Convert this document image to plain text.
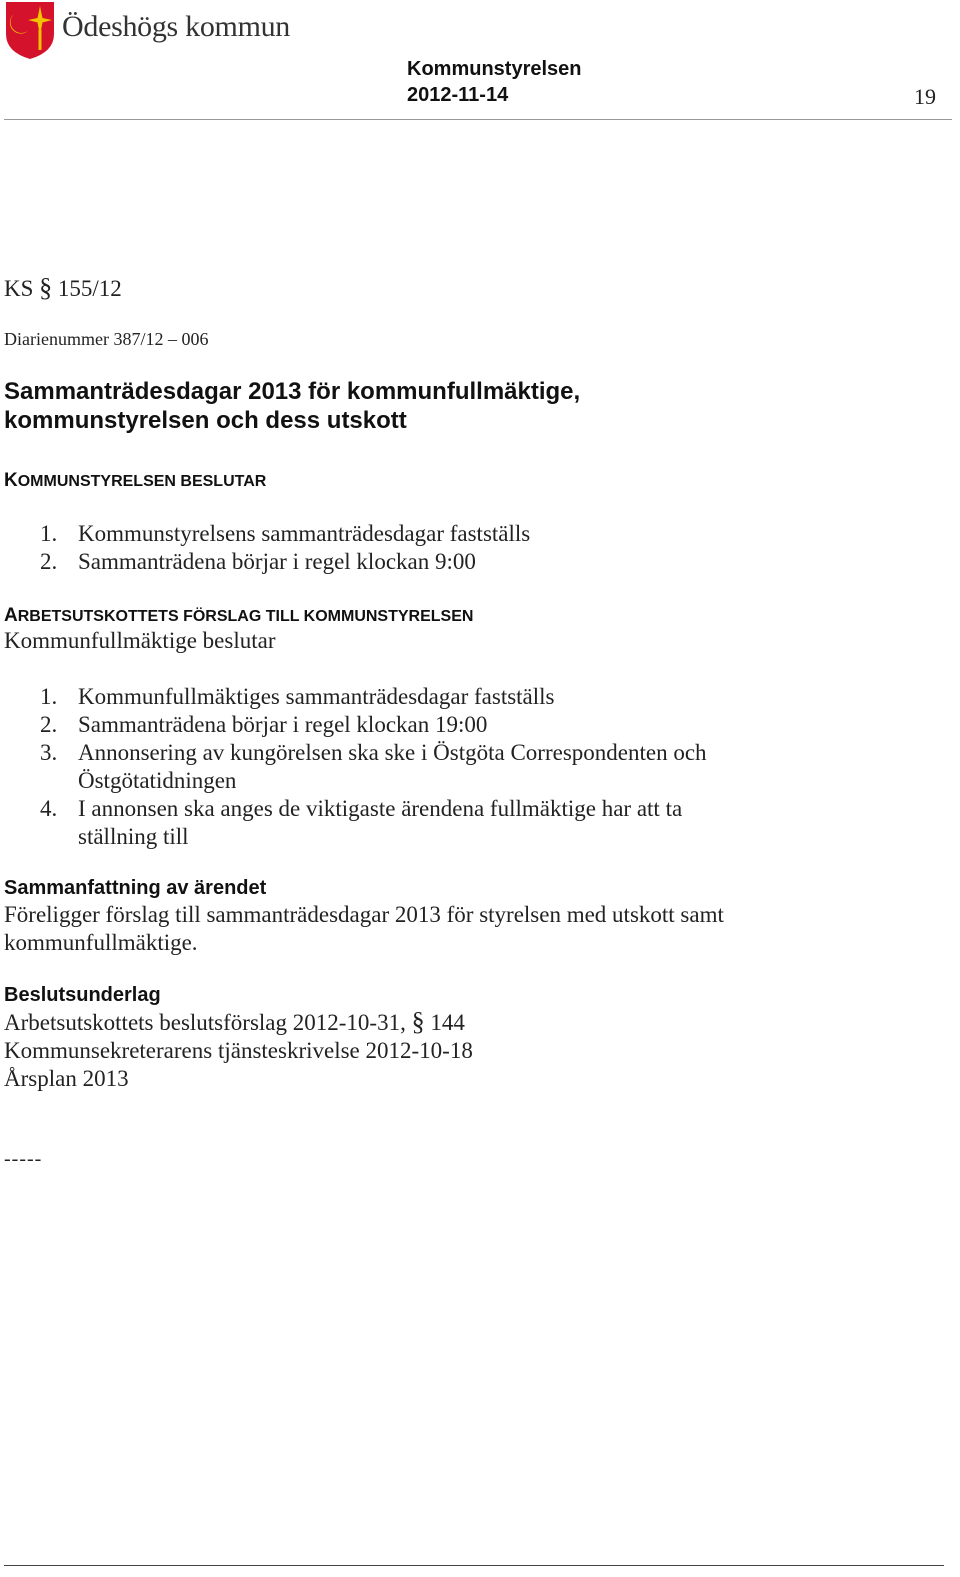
Ödeshögs kommun
Kommunstyrelsen
2012-11-14	19
KS § 155/12
Diarienummer 387/12 – 006
Sammanträdesdagar 2013 för kommunfullmäktige,
kommunstyrelsen och dess utskott
KOMMUNSTYRELSEN BESLUTAR
1. Kommunstyrelsens sammanträdesdagar fastställs
2. Sammanträdena börjar i regel klockan 9:00
ARBETSUTSKOTTETS FÖRSLAG TILL KOMMUNSTYRELSEN
Kommunfullmäktige beslutar
1. Kommunfullmäktiges sammanträdesdagar fastställs
2. Sammanträdena börjar i regel klockan 19:00
3. Annonsering av kungörelsen ska ske i Östgöta Correspondenten och Östgötatidningen
4. I annonsen ska anges de viktigaste ärendena fullmäktige har att ta ställning till
Sammanfattning av ärendet
Föreligger förslag till sammanträdesdagar 2013 för styrelsen med utskott samt kommunfullmäktige.
Beslutsunderlag
Arbetsutskottets beslutsförslag 2012-10-31, § 144
Kommunsekreterarens tjänsteskrivelse 2012-10-18
Årsplan 2013
-----
